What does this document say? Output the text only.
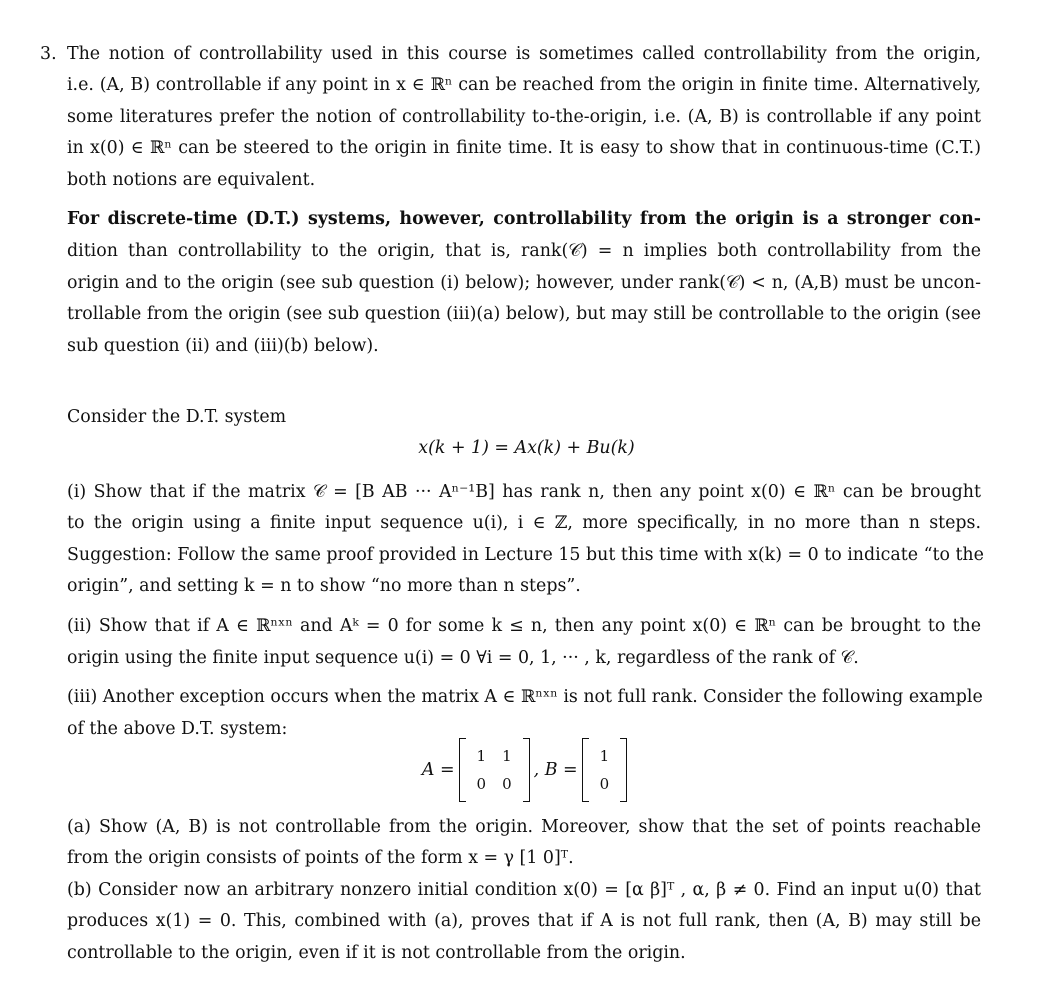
3. The notion of controllability used in this course is sometimes called controllability from the origin,
i.e. (A, B) controllable if any point in x ∈ ℝⁿ can be reached from the origin in finite time. Alternatively,
some literatures prefer the notion of controllability to-the-origin, i.e. (A, B) is controllable if any point
in x(0) ∈ ℝⁿ can be steered to the origin in finite time. It is easy to show that in continuous-time (C.T.)
both notions are equivalent.
For discrete-time (D.T.) systems, however, controllability from the origin is a stronger con-
dition than controllability to the origin, that is, rank(𝒞) = n implies both controllability from the
origin and to the origin (see sub question (i) below); however, under rank(𝒞) < n, (A,B) must be uncon-
trollable from the origin (see sub question (iii)(a) below), but may still be controllable to the origin (see
sub question (ii) and (iii)(b) below).
Consider the D.T. system
x(k + 1) = Ax(k) + Bu(k)
(i) Show that if the matrix 𝒞 = [B AB ··· Aⁿ⁻¹B] has rank n, then any point x(0) ∈ ℝⁿ can be brought
to the origin using a finite input sequence u(i), i ∈ ℤ, more specifically, in no more than n steps.
Suggestion: Follow the same proof provided in Lecture 15 but this time with x(k) = 0 to indicate “to the
origin”, and setting k = n to show “no more than n steps”.
(ii) Show that if A ∈ ℝⁿˣⁿ and Aᵏ = 0 for some k ≤ n, then any point x(0) ∈ ℝⁿ can be brought to the
origin using the finite input sequence u(i) = 0 ∀i = 0, 1, ··· , k, regardless of the rank of 𝒞.
(iii) Another exception occurs when the matrix A ∈ ℝⁿˣⁿ is not full rank. Consider the following example
of the above D.T. system:
A =
1	1
0	0
, B =
1
0
(a) Show (A, B) is not controllable from the origin. Moreover, show that the set of points reachable
from the origin consists of points of the form x = γ [1 0]ᵀ.
(b) Consider now an arbitrary nonzero initial condition x(0) = [α β]ᵀ , α, β ≠ 0. Find an input u(0) that
produces x(1) = 0. This, combined with (a), proves that if A is not full rank, then (A, B) may still be
controllable to the origin, even if it is not controllable from the origin.
